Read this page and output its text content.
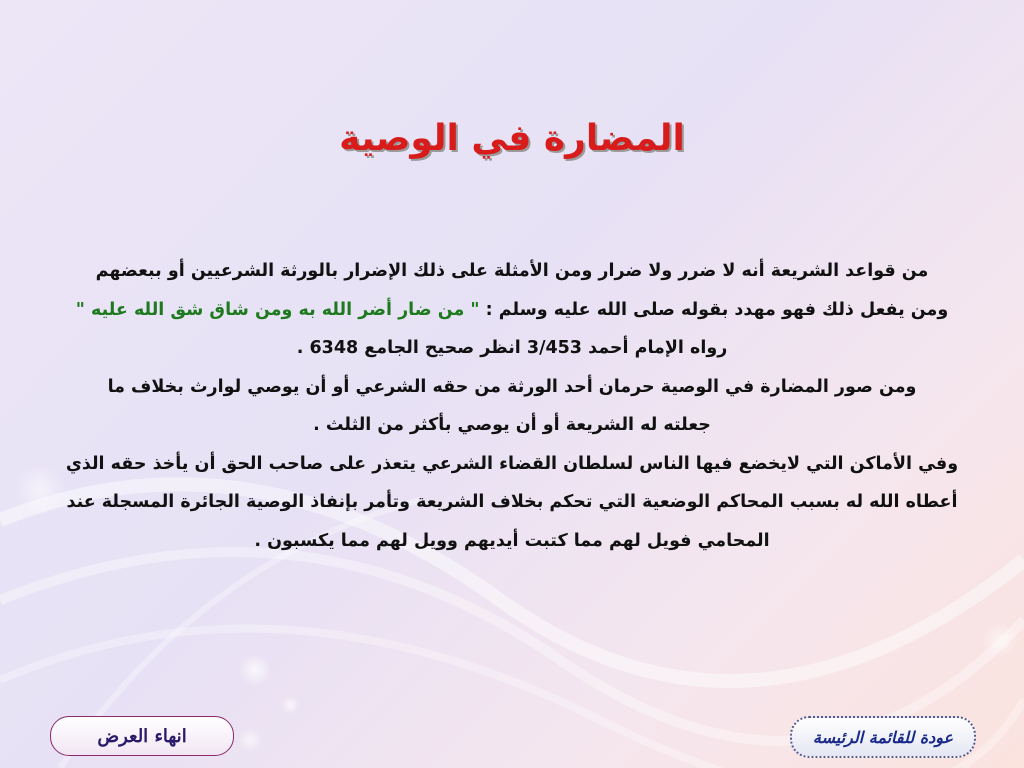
المضارة في الوصية
من قواعد الشريعة أنه لا ضرر ولا ضرار ومن الأمثلة على ذلك الإضرار بالورثة الشرعيين أو ببعضهم
ومن يفعل ذلك فهو مهدد بقوله صلى الله عليه وسلم : " من ضار أضر الله به ومن شاق شق الله عليه "
رواه الإمام أحمد 3/453 انظر صحيح الجامع 6348 .
ومن صور المضارة في الوصية حرمان أحد الورثة من حقه الشرعي أو أن يوصي لوارث بخلاف ما
جعلته له الشريعة أو أن يوصي بأكثر من الثلث .
وفي الأماكن التي لايخضع فيها الناس لسلطان القضاء الشرعي يتعذر على صاحب الحق أن يأخذ حقه الذي
أعطاه الله له بسبب المحاكم الوضعية التي تحكم بخلاف الشريعة وتأمر بإنفاذ الوصية الجائرة المسجلة عند
المحامي فويل لهم مما كتبت أيديهم وويل لهم مما يكسبون .
انهاء العرض	عودة للقائمة الرئيسة
